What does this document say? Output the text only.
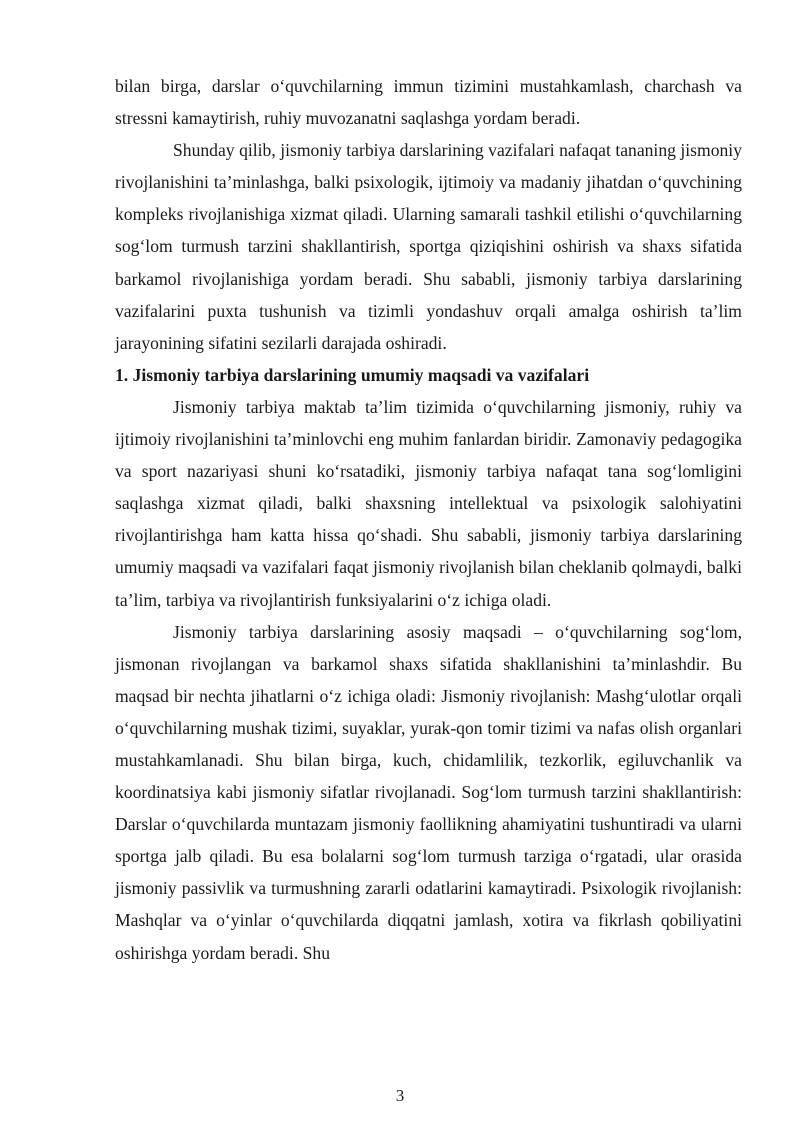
bilan birga, darslar o‘quvchilarning immun tizimini mustahkamlash, charchash va stressni kamaytirish, ruhiy muvozanatni saqlashga yordam beradi.

Shunday qilib, jismoniy tarbiya darslarining vazifalari nafaqat tananing jismoniy rivojlanishini ta’minlashga, balki psixologik, ijtimoiy va madaniy jihatdan o‘quvchining kompleks rivojlanishiga xizmat qiladi. Ularning samarali tashkil etilishi o‘quvchilarning sog‘lom turmush tarzini shakllantirish, sportga qiziqishini oshirish va shaxs sifatida barkamol rivojlanishiga yordam beradi. Shu sababli, jismoniy tarbiya darslarining vazifalarini puxta tushunish va tizimli yondashuv orqali amalga oshirish ta’lim jarayonining sifatini sezilarli darajada oshiradi.

1. Jismoniy tarbiya darslarining umumiy maqsadi va vazifalari

Jismoniy tarbiya maktab ta’lim tizimida o‘quvchilarning jismoniy, ruhiy va ijtimoiy rivojlanishini ta’minlovchi eng muhim fanlardan biridir. Zamonaviy pedagogika va sport nazariyasi shuni ko‘rsatadiki, jismoniy tarbiya nafaqat tana sog‘lomligini saqlashga xizmat qiladi, balki shaxsning intellektual va psixologik salohiyatini rivojlantirishga ham katta hissa qo‘shadi. Shu sababli, jismoniy tarbiya darslarining umumiy maqsadi va vazifalari faqat jismoniy rivojlanish bilan cheklanib qolmaydi, balki ta’lim, tarbiya va rivojlantirish funksiyalarini o‘z ichiga oladi.

Jismoniy tarbiya darslarining asosiy maqsadi – o‘quvchilarning sog‘lom, jismonan rivojlangan va barkamol shaxs sifatida shakllanishini ta’minlashdir. Bu maqsad bir nechta jihatlarni o‘z ichiga oladi: Jismoniy rivojlanish: Mashg‘ulotlar orqali o‘quvchilarning mushak tizimi, suyaklar, yurak-qon tomir tizimi va nafas olish organlari mustahkamlanadi. Shu bilan birga, kuch, chidamlilik, tezkorlik, egiluvchanlik va koordinatsiya kabi jismoniy sifatlar rivojlanadi. Sog‘lom turmush tarzini shakllantirish: Darslar o‘quvchilarda muntazam jismoniy faollikning ahamiyatini tushuntiradi va ularni sportga jalb qiladi. Bu esa bolalarni sog‘lom turmush tarziga o‘rgatadi, ular orasida jismoniy passivlik va turmushning zararli odatlarini kamaytiradi. Psixologik rivojlanish: Mashqlar va o‘yinlar o‘quvchilarda diqqatni jamlash, xotira va fikrlash qobiliyatini oshirishga yordam beradi. Shu

3
